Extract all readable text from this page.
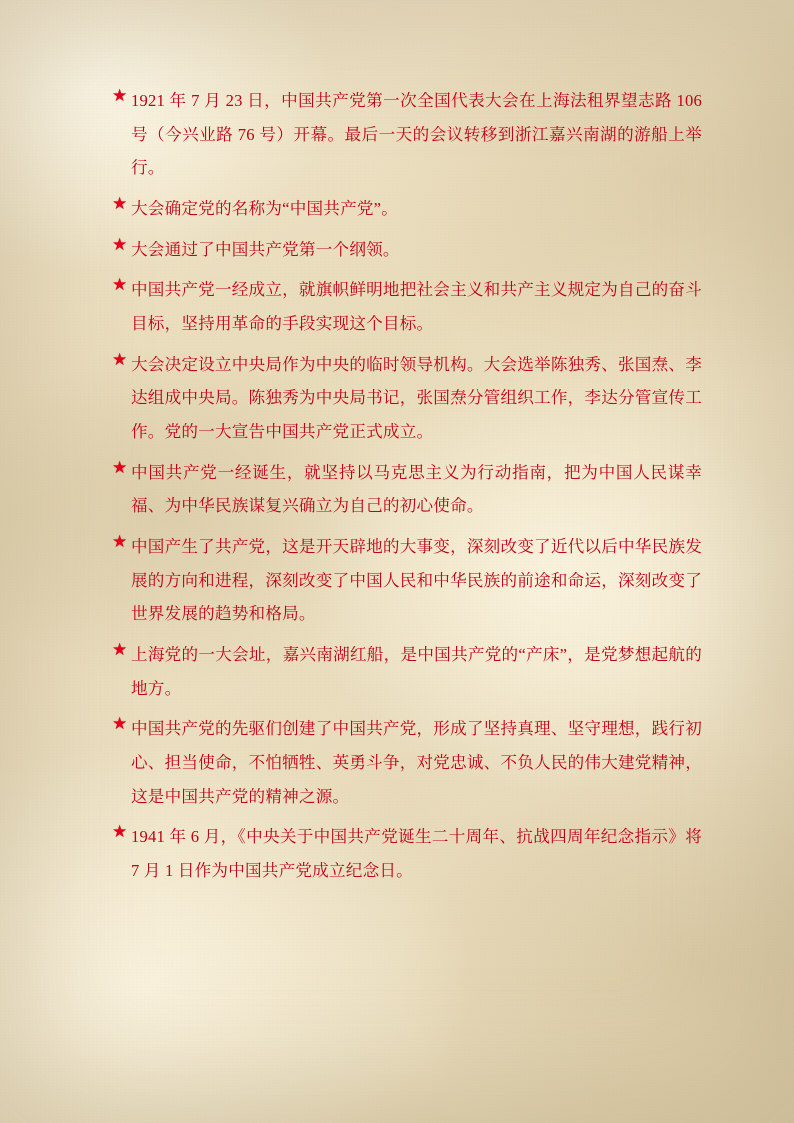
★ 1921 年 7 月 23 日，中国共产党第一次全国代表大会在上海法租界望志路 106 号（今兴业路 76 号）开幕。最后一天的会议转移到浙江嘉兴南湖的游船上举行。
★ 大会确定党的名称为“中国共产党”。
★ 大会通过了中国共产党第一个纲领。
★ 中国共产党一经成立，就旗帜鲜明地把社会主义和共产主义规定为自己的奋斗目标，坚持用革命的手段实现这个目标。
★ 大会决定设立中央局作为中央的临时领导机构。大会选举陈独秀、张国焘、李达组成中央局。陈独秀为中央局书记，张国焘分管组织工作，李达分管宣传工作。党的一大宣告中国共产党正式成立。
★ 中国共产党一经诞生，就坚持以马克思主义为行动指南，把为中国人民谋幸福、为中华民族谋复兴确立为自己的初心使命。
★ 中国产生了共产党，这是开天辟地的大事变，深刻改变了近代以后中华民族发展的方向和进程，深刻改变了中国人民和中华民族的前途和命运，深刻改变了世界发展的趋势和格局。
★ 上海党的一大会址，嘉兴南湖红船，是中国共产党的“产床”，是党梦想起航的地方。
★ 中国共产党的先驱们创建了中国共产党，形成了坚持真理、坚守理想，践行初心、担当使命，不怕牺牲、英勇斗争，对党忠诚、不负人民的伟大建党精神，这是中国共产党的精神之源。
★ 1941 年 6 月，《中央关于中国共产党诞生二十周年、抗战四周年纪念指示》将 7 月 1 日作为中国共产党成立纪念日。
